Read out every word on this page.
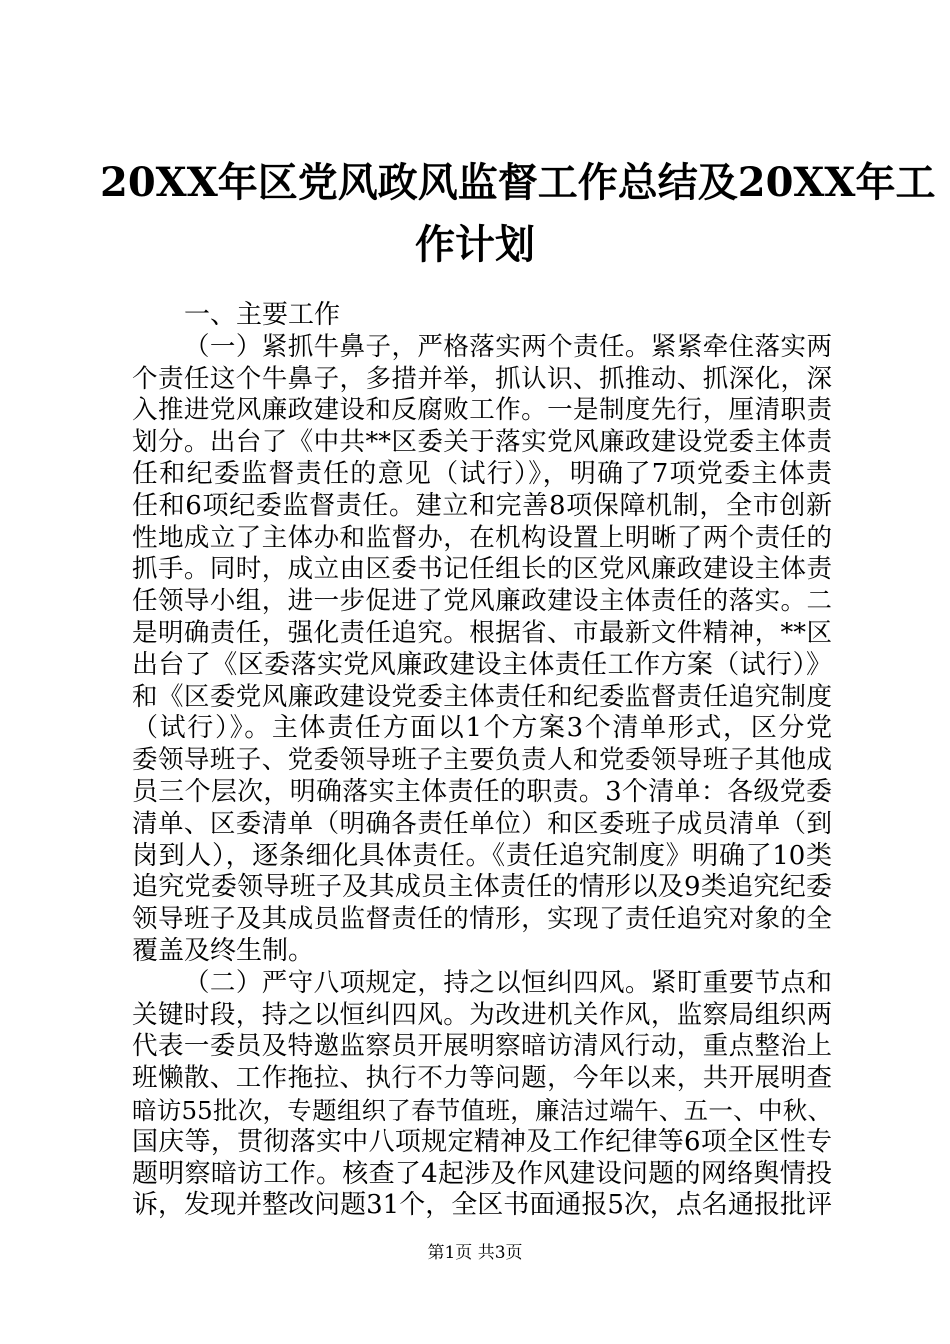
20XX年区党风政风监督工作总结及20XX年工
作计划
一、主要工作
（一）紧抓牛鼻子，严格落实两个责任。紧紧牵住落实两
个责任这个牛鼻子，多措并举，抓认识、抓推动、抓深化，深
入推进党风廉政建设和反腐败工作。一是制度先行，厘清职责
划分。出台了《中共**区委关于落实党风廉政建设党委主体责
任和纪委监督责任的意见（试行）》，明确了7项党委主体责
任和6项纪委监督责任。建立和完善8项保障机制，全市创新
性地成立了主体办和监督办，在机构设置上明晰了两个责任的
抓手。同时，成立由区委书记任组长的区党风廉政建设主体责
任领导小组，进一步促进了党风廉政建设主体责任的落实。二
是明确责任，强化责任追究。根据省、市最新文件精神，**区
出台了《区委落实党风廉政建设主体责任工作方案（试行）》
和《区委党风廉政建设党委主体责任和纪委监督责任追究制度
（试行）》。主体责任方面以1个方案3个清单形式，区分党
委领导班子、党委领导班子主要负责人和党委领导班子其他成
员三个层次，明确落实主体责任的职责。3个清单：各级党委
清单、区委清单（明确各责任单位）和区委班子成员清单（到
岗到人），逐条细化具体责任。《责任追究制度》明确了10类
追究党委领导班子及其成员主体责任的情形以及9类追究纪委
领导班子及其成员监督责任的情形，实现了责任追究对象的全
覆盖及终生制。
（二）严守八项规定，持之以恒纠四风。紧盯重要节点和
关键时段，持之以恒纠四风。为改进机关作风，监察局组织两
代表一委员及特邀监察员开展明察暗访清风行动，重点整治上
班懒散、工作拖拉、执行不力等问题，今年以来，共开展明查
暗访55批次，专题组织了春节值班，廉洁过端午、五一、中秋、
国庆等，贯彻落实中八项规定精神及工作纪律等6项全区性专
题明察暗访工作。核查了4起涉及作风建设问题的网络舆情投
诉，发现并整改问题31个，全区书面通报5次，点名通报批评
第1页 共3页
